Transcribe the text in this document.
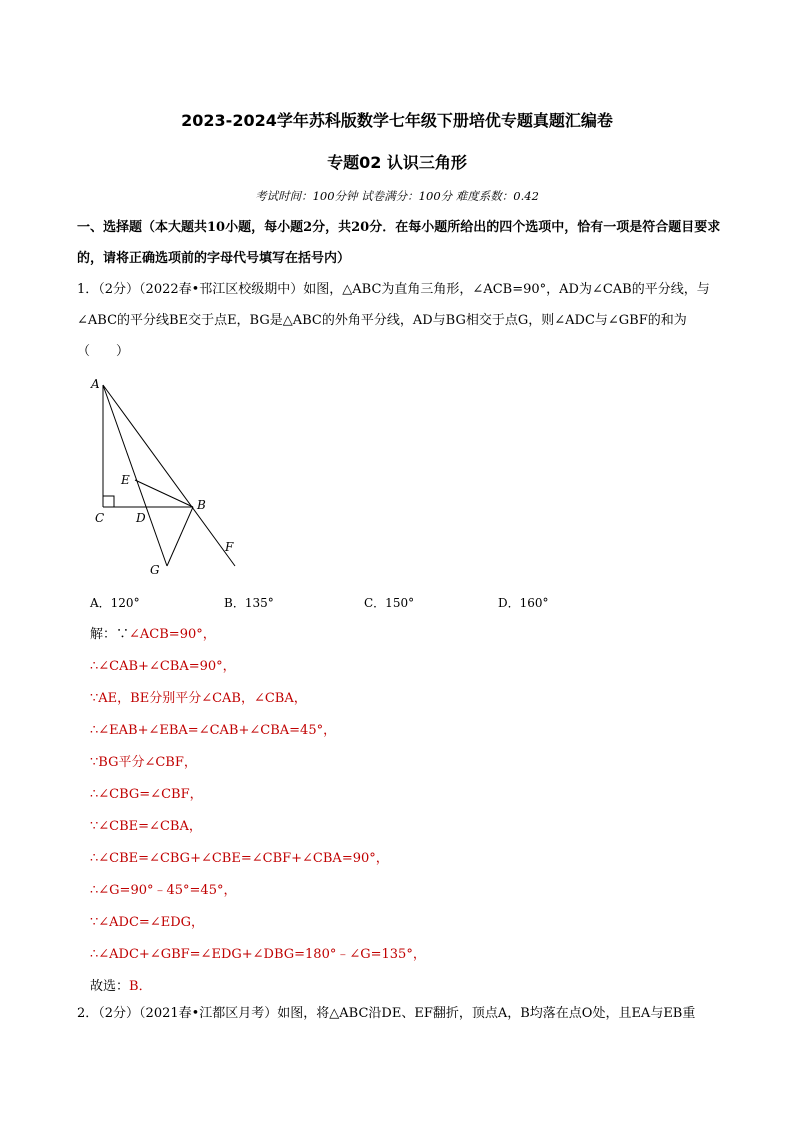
2023-2024学年苏科版数学七年级下册培优专题真题汇编卷
专题02 认识三角形
考试时间：100分钟 试卷满分：100分 难度系数：0.42
一、选择题（本大题共10小题，每小题2分，共20分．在每小题所给出的四个选项中，恰有一项是符合题目要求的，请将正确选项前的字母代号填写在括号内）
1．（2分）（2022春•邗江区校级期中）如图，△ABC为直角三角形，∠ACB=90°，AD为∠CAB的平分线，与∠ABC的平分线BE交于点E，BG是△ABC的外角平分线，AD与BG相交于点G，则∠ADC与∠GBF的和为（　　）
A
E
B
C	D
F
G
A．120°	B．135°	C．150°	D．160°
解：∵∠ACB=90°，
∴∠CAB+∠CBA=90°，
∵AE，BE分别平分∠CAB，∠CBA，
∴∠EAB+∠EBA=∠CAB+∠CBA=45°，
∵BG平分∠CBF，
∴∠CBG=∠CBF，
∵∠CBE=∠CBA，
∴∠CBE=∠CBG+∠CBE=∠CBF+∠CBA=90°，
∴∠G=90°﹣45°=45°，
∵∠ADC=∠EDG，
∴∠ADC+∠GBF=∠EDG+∠DBG=180°﹣∠G=135°，
故选：B．
2．（2分）（2021春•江都区月考）如图，将△ABC沿DE、EF翻折，顶点A，B均落在点O处，且EA与EB重
